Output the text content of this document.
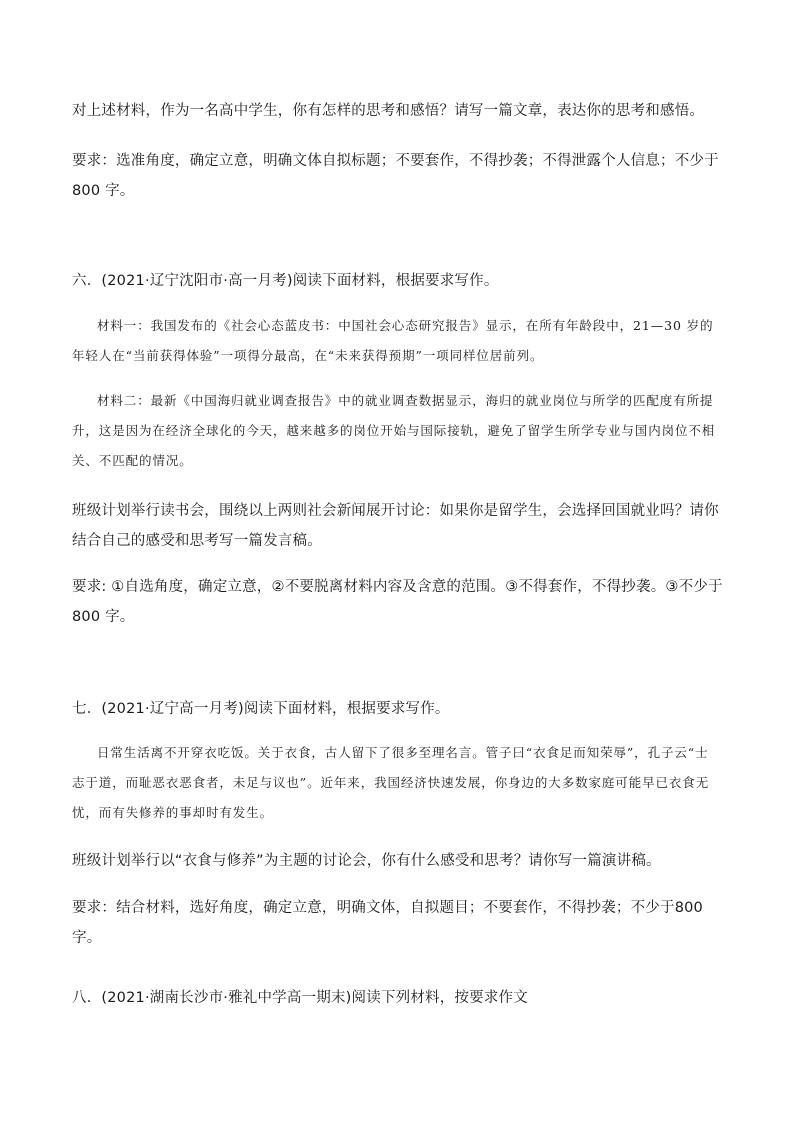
对上述材料，作为一名高中学生，你有怎样的思考和感悟？请写一篇文章，表达你的思考和感悟。

要求：选准角度，确定立意，明确文体自拟标题；不要套作，不得抄袭；不得泄露个人信息；不少于 800 字。

六．(2021·辽宁沈阳市·高一月考)阅读下面材料，根据要求写作。

材料一：我国发布的《社会心态蓝皮书：中国社会心态研究报告》显示，在所有年龄段中，21—30 岁的年轻人在“当前获得体验”一项得分最高，在“未来获得预期”一项同样位居前列。

材料二：最新《中国海归就业调查报告》中的就业调查数据显示，海归的就业岗位与所学的匹配度有所提升，这是因为在经济全球化的今天，越来越多的岗位开始与国际接轨，避免了留学生所学专业与国内岗位不相关、不匹配的情况。

班级计划举行读书会，围绕以上两则社会新闻展开讨论：如果你是留学生，会选择回国就业吗？请你结合自己的感受和思考写一篇发言稿。

要求: ①自选角度，确定立意，②不要脱离材料内容及含意的范围。③不得套作，不得抄袭。③不少于 800 字。

七．(2021·辽宁高一月考)阅读下面材料，根据要求写作。

日常生活离不开穿衣吃饭。关于衣食，古人留下了很多至理名言。管子曰“衣食足而知荣辱”，孔子云“士志于道，而耻恶衣恶食者，未足与议也”。近年来，我国经济快速发展，你身边的大多数家庭可能早已衣食无忧，而有失修养的事却时有发生。

班级计划举行以“衣食与修养”为主题的讨论会，你有什么感受和思考？请你写一篇演讲稿。

要求：结合材料，选好角度，确定立意，明确文体，自拟题目；不要套作，不得抄袭；不少于800 字。

八．(2021·湖南长沙市·雅礼中学高一期末)阅读下列材料，按要求作文
